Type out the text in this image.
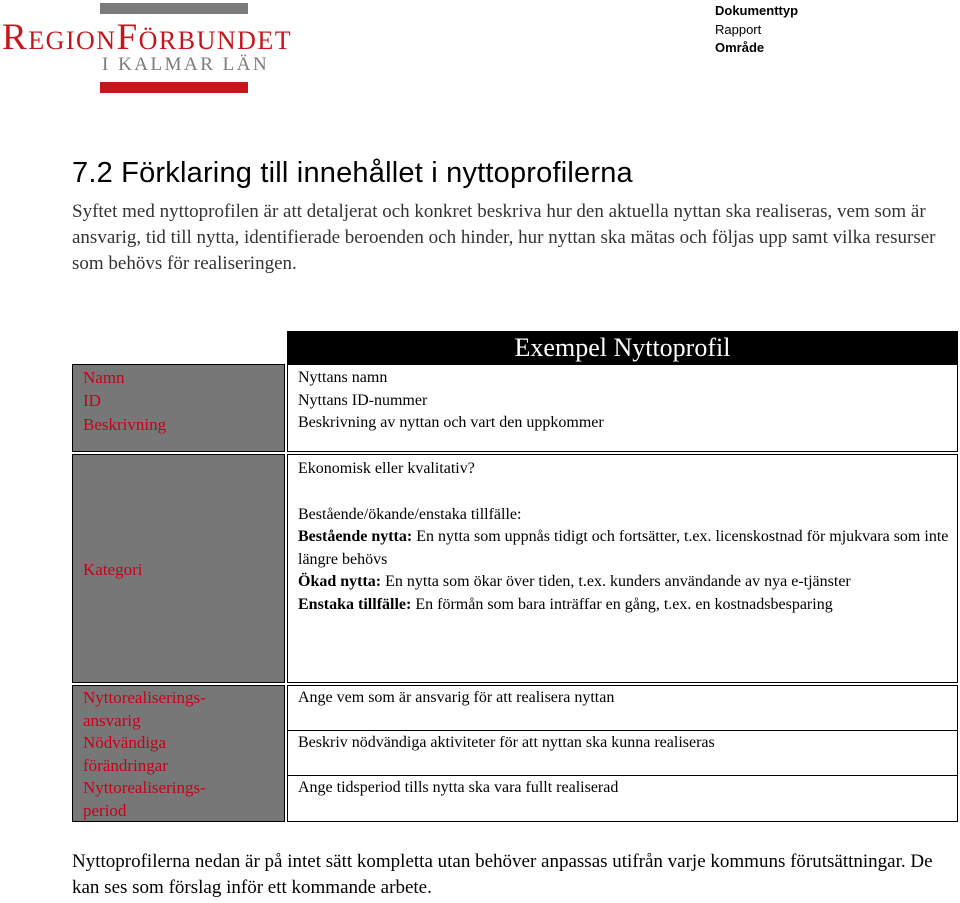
REGIONFÖRBUNDET
I KALMAR LÄN
Dokumenttyp
Rapport
Område
7.2 Förklaring till innehållet i nyttoprofilerna

Syftet med nyttoprofilen är att detaljerat och konkret beskriva hur den aktuella nyttan ska realiseras, vem som är ansvarig, tid till nytta, identifierade beroenden och hinder, hur nyttan ska mätas och följas upp samt vilka resurser som behövs för realiseringen.

Exempel Nyttoprofil
Namn
ID
Beskrivning
Nyttans namn
Nyttans ID-nummer
Beskrivning av nyttan och vart den uppkommer
Kategori
Ekonomisk eller kvalitativ?
Bestående/ökande/enstaka tillfälle:
Bestående nytta: En nytta som uppnås tidigt och fortsätter, t.ex. licenskostnad för mjukvara som inte längre behövs
Ökad nytta: En nytta som ökar över tiden, t.ex. kunders användande av nya e-tjänster
Enstaka tillfälle: En förmån som bara inträffar en gång, t.ex. en kostnadsbesparing
Nyttorealiserings-
ansvarig
Nödvändiga
förändringar
Nyttorealiserings-
period
Ange vem som är ansvarig för att realisera nyttan
Beskriv nödvändiga aktiviteter för att nyttan ska kunna realiseras
Ange tidsperiod tills nytta ska vara fullt realiserad

Nyttoprofilerna nedan är på intet sätt kompletta utan behöver anpassas utifrån varje kommuns förutsättningar. De kan ses som förslag inför ett kommande arbete.
